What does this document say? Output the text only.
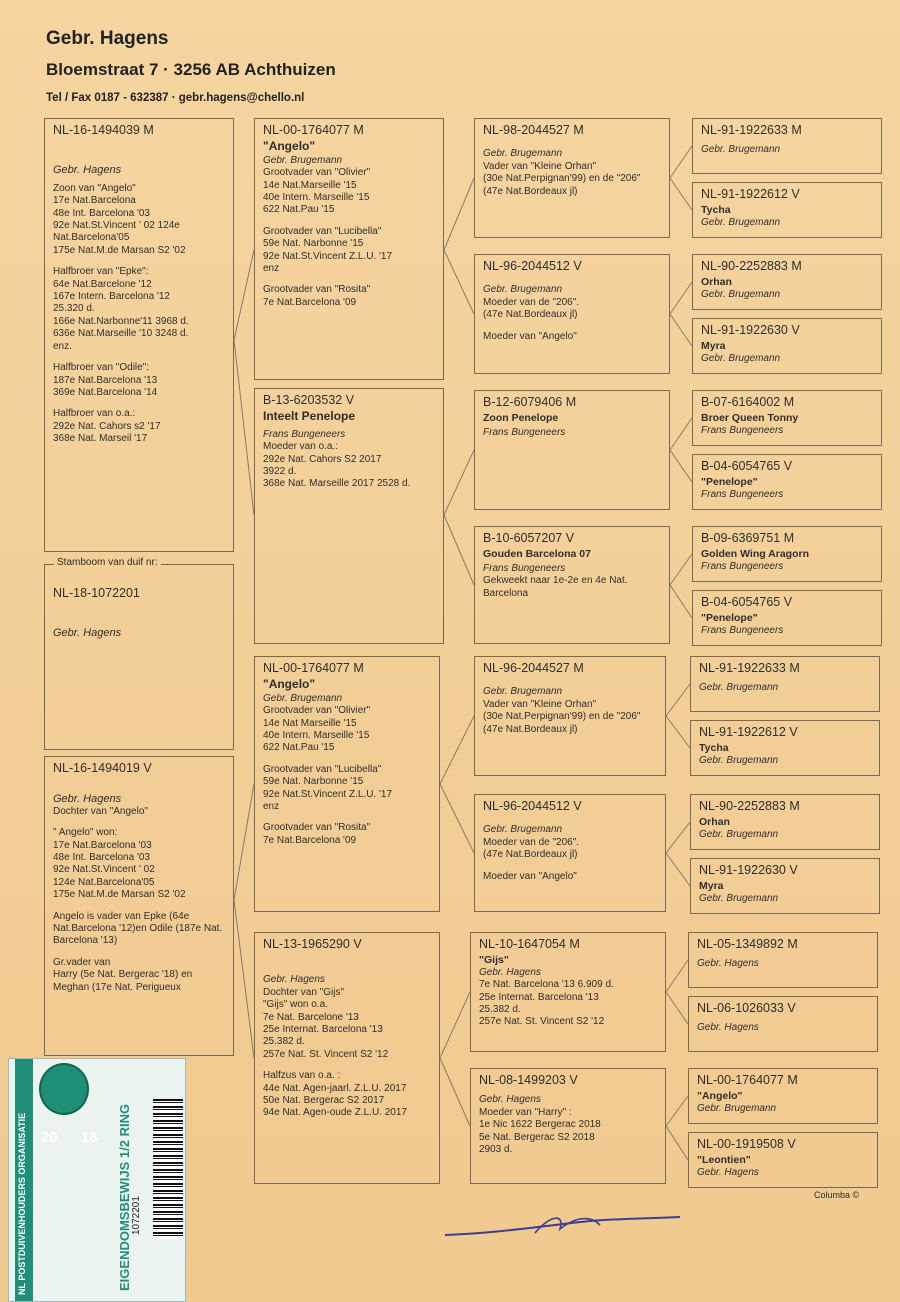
Gebr. Hagens
Bloemstraat 7 · 3256 AB Achthuizen
Tel / Fax 0187 - 632387 · gebr.hagens@chello.nl
NL-16-1494039 M
Gebr. Hagens
Zoon van "Angelo"
17e Nat.Barcelona
48e Int. Barcelona '03
92e Nat.St.Vincent ' 02 124e Nat.Barcelona'05
175e Nat.M.de Marsan S2 '02
Halfbroer van "Epke":
64e Nat.Barcelone '12
167e Intern. Barcelona '12
25.320 d.
166e Nat.Narbonne'11 3968 d.
636e Nat.Marseille '10 3248 d.
enz.
Halfbroer van "Odile":
187e Nat.Barcelona '13
369e Nat.Barcelona '14
Halfbroer van o.a.:
292e Nat. Cahors s2 '17
368e Nat. Marseil '17
NL-18-1072201
Gebr. Hagens
Stamboom van duif nr:
NL-16-1494019 V
Gebr. Hagens
Dochter van "Angelo"
" Angelo" won:
17e Nat.Barcelona '03
48e Int. Barcelona '03
92e Nat.St.Vincent ' 02
124e Nat.Barcelona'05
175e Nat.M.de Marsan S2 '02
Angelo is vader van Epke (64e Nat.Barcelona '12)en Odile (187e Nat. Barcelona '13)
Gr.vader van
Harry (5e Nat. Bergerac '18) en Meghan (17e Nat. Perigueux
NL-00-1764077 M
"Angelo"
Gebr. Brugemann
Grootvader van "Olivier"
14e Nat.Marseille '15
40e Intern. Marseille '15
622 Nat.Pau '15
Grootvader van "Lucibella"
59e Nat. Narbonne '15
92e Nat.St.Vincent Z.L.U. '17
enz
Grootvader van "Rosita"
7e Nat.Barcelona '09
B-13-6203532 V
Inteelt Penelope
Frans Bungeneers
Moeder van o.a.:
292e Nat. Cahors S2 2017
3922 d.
368e Nat. Marseille 2017 2528 d.
NL-00-1764077 M
"Angelo"
Gebr. Brugemann
Grootvader van "Olivier"
14e Nat Marseille '15
40e Intern. Marseille '15
622 Nat.Pau '15
Grootvader van "Lucibella"
59e Nat. Narbonne '15
92e Nat.St.Vincent Z.L.U. '17
enz
Grootvader van "Rosita"
7e Nat.Barcelona '09
NL-13-1965290 V
Gebr. Hagens
Dochter van "Gijs"
"Gijs" won o.a.
7e Nat. Barcelone '13
25e Internat. Barcelona '13
25.382 d.
257e Nat. St. Vincent S2 '12
Halfzus van o.a. :
44e Nat. Agen-jaarl. Z.L.U. 2017
50e Nat. Bergerac S2 2017
94e Nat. Agen-oude Z.L.U. 2017
NL-98-2044527 M
Gebr. Brugemann
Vader van "Kleine Orhan"
(30e Nat.Perpignan'99) en de "206"
(47e Nat.Bordeaux jl)
NL-96-2044512 V
Gebr. Brugemann
Moeder van de "206".
(47e Nat.Bordeaux jl)
Moeder van "Angelo"
B-12-6079406 M
Zoon Penelope
Frans Bungeneers
B-10-6057207 V
Gouden Barcelona 07
Frans Bungeneers
Gekweekt naar 1e-2e en 4e Nat. Barcelona
NL-96-2044527 M
Gebr. Brugemann
Vader van "Kleine Orhan"
(30e Nat.Perpignan'99) en de "206"
(47e Nat.Bordeaux jl)
NL-96-2044512 V
Gebr. Brugemann
Moeder van de "206".
(47e Nat.Bordeaux jl)
Moeder van "Angelo"
NL-10-1647054 M
"Gijs"
Gebr. Hagens
7e Nat. Barcelona '13 6.909 d.
25e Internat. Barcelona '13
25.382 d.
257e Nat. St. Vincent S2 '12
NL-08-1499203 V
Gebr. Hagens
Moeder van "Harry" :
1e Nic 1622 Bergerac 2018
5e Nat. Bergerac S2 2018
2903 d.
NL-91-1922633 M
Gebr. Brugemann
NL-91-1922612 V
Tycha
Gebr. Brugemann
NL-90-2252883 M
Orhan
Gebr. Brugemann
NL-91-1922630 V
Myra
Gebr. Brugemann
B-07-6164002 M
Broer Queen Tonny
Frans Bungeneers
B-04-6054765 V
"Penelope"
Frans Bungeneers
B-09-6369751 M
Golden Wing Aragorn
Frans Bungeneers
B-04-6054765 V
"Penelope"
Frans Bungeneers
NL-91-1922633 M
Gebr. Brugemann
NL-91-1922612 V
Tycha
Gebr. Brugemann
NL-90-2252883 M
Orhan
Gebr. Brugemann
NL-91-1922630 V
Myra
Gebr. Brugemann
NL-05-1349892 M
Gebr. Hagens
NL-06-1026033 V
Gebr. Hagens
NL-00-1764077 M
"Angelo"
Gebr. Brugemann
NL-00-1919508 V
"Leontien"
Gebr. Hagens
Columba ©
NL POSTDUIVENHOUDERS ORGANISATIE	EIGENDOMSBEWIJS 1/2 RING
20 18
1072201
